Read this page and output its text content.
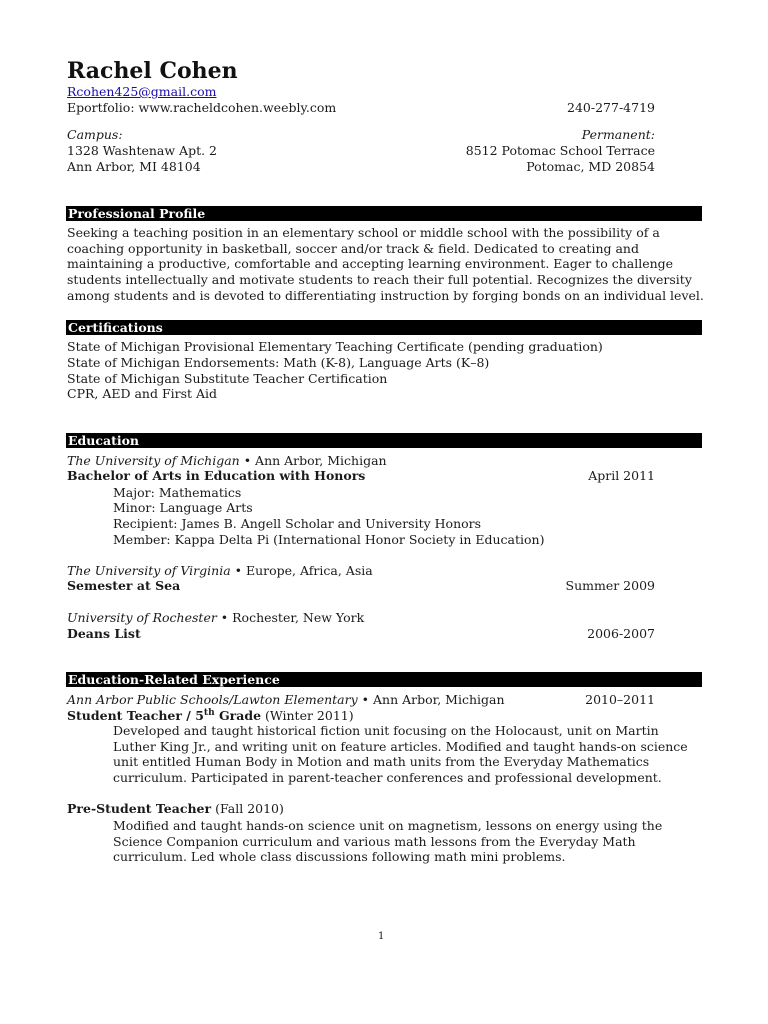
Rachel Cohen
Rcohen425@gmail.com
Eportfolio: www.racheldcohen.weebly.com	240-277-4719
Campus:
1328 Washtenaw Apt. 2
Ann Arbor, MI 48104
Permanent:
8512 Potomac School Terrace
Potomac, MD 20854
Professional Profile
Seeking a teaching position in an elementary school or middle school with the possibility of a coaching opportunity in basketball, soccer and/or track & field. Dedicated to creating and maintaining a productive, comfortable and accepting learning environment. Eager to challenge students intellectually and motivate students to reach their full potential. Recognizes the diversity among students and is devoted to differentiating instruction by forging bonds on an individual level.
Certifications
State of Michigan Provisional Elementary Teaching Certificate (pending graduation)
State of Michigan Endorsements: Math (K-8), Language Arts (K–8)
State of Michigan Substitute Teacher Certification
CPR, AED and First Aid
Education
The University of Michigan • Ann Arbor, Michigan
Bachelor of Arts in Education with Honors	April 2011
Major: Mathematics
Minor: Language Arts
Recipient: James B. Angell Scholar and University Honors
Member: Kappa Delta Pi (International Honor Society in Education)
The University of Virginia • Europe, Africa, Asia
Semester at Sea	Summer 2009
University of Rochester • Rochester, New York
Deans List	2006-2007
Education-Related Experience
Ann Arbor Public Schools/Lawton Elementary • Ann Arbor, Michigan	2010–2011
Student Teacher / 5th Grade (Winter 2011)
Developed and taught historical fiction unit focusing on the Holocaust, unit on Martin Luther King Jr., and writing unit on feature articles. Modified and taught hands-on science unit entitled Human Body in Motion and math units from the Everyday Mathematics curriculum. Participated in parent-teacher conferences and professional development.
Pre-Student Teacher (Fall 2010)
Modified and taught hands-on science unit on magnetism, lessons on energy using the Science Companion curriculum and various math lessons from the Everyday Math curriculum. Led whole class discussions following math mini problems.
1
